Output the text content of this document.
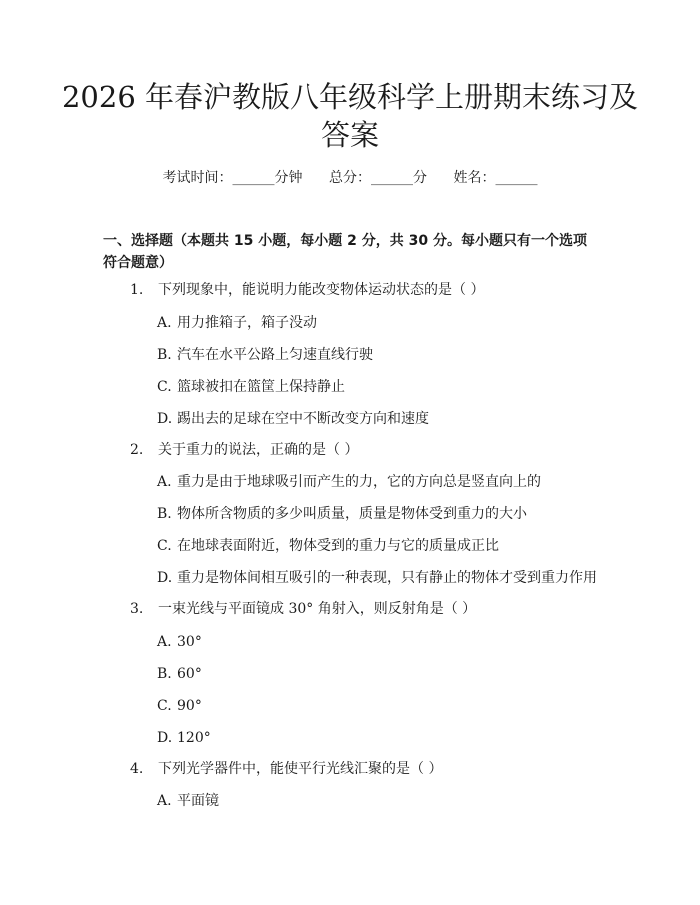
2026 年春沪教版八年级科学上册期末练习及
答案
考试时间：______分钟 总分：______分 姓名：______
一、选择题（本题共 15 小题，每小题 2 分，共 30 分。每小题只有一个选项符合题意）
1. 下列现象中，能说明力能改变物体运动状态的是（ ）
A. 用力推箱子，箱子没动
B. 汽车在水平公路上匀速直线行驶
C. 篮球被扣在篮筐上保持静止
D. 踢出去的足球在空中不断改变方向和速度
2. 关于重力的说法，正确的是（ ）
A. 重力是由于地球吸引而产生的力，它的方向总是竖直向上的
B. 物体所含物质的多少叫质量，质量是物体受到重力的大小
C. 在地球表面附近，物体受到的重力与它的质量成正比
D. 重力是物体间相互吸引的一种表现，只有静止的物体才受到重力作用
3. 一束光线与平面镜成 30° 角射入，则反射角是（ ）
A. 30°
B. 60°
C. 90°
D. 120°
4. 下列光学器件中，能使平行光线汇聚的是（ ）
A. 平面镜
